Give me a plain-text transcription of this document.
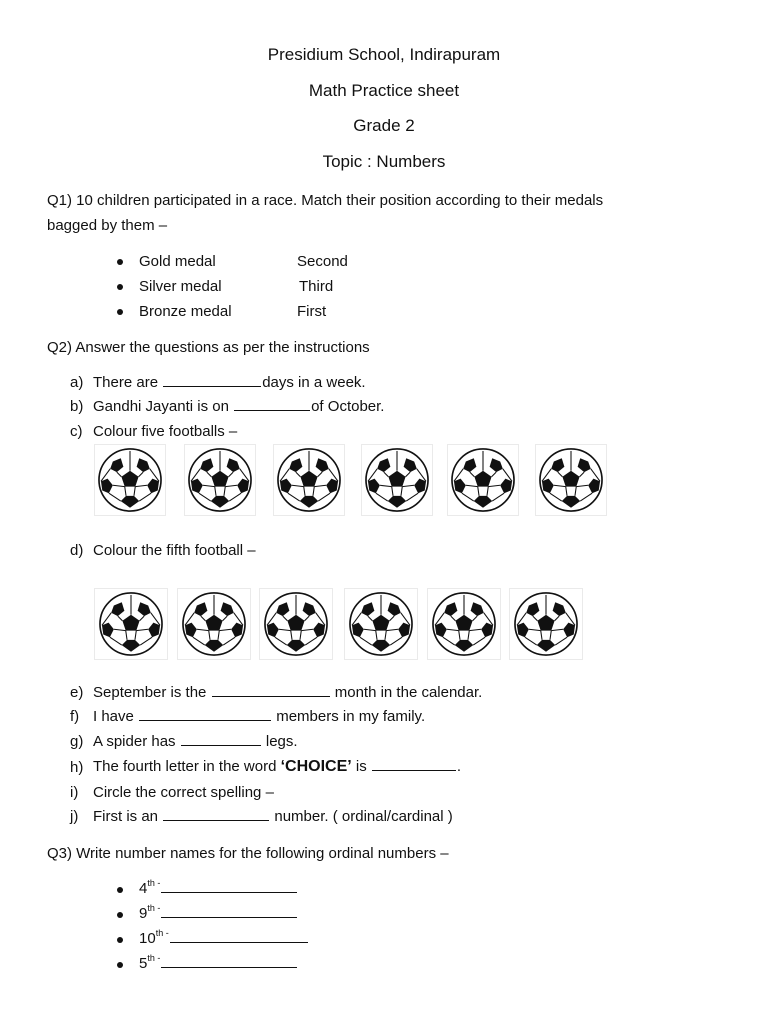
Presidium School, Indirapuram
Math Practice sheet
Grade 2
Topic : Numbers
Q1) 10 children participated in a race. Match their position according to their medals
bagged by them –
Gold medal	Second
Silver medal	Third
Bronze medal	First
Q2) Answer the questions as per the instructions
a) There are	days in a week.
b) Gandhi Jayanti is on	of October.
c) Colour five footballs –
d) Colour the fifth football –
e) September is the	month in the calendar.
f) I have	members in my family.
g) A spider has	legs.
h) The fourth letter in the word ‘CHOICE’ is	.
i) Circle the correct spelling –
j) First is an	number. ( ordinal/cardinal )
Q3) Write number names for the following ordinal numbers –
$4^{th -}$
$9^{th -}$
$10^{th -}$
$5^{th -}$
